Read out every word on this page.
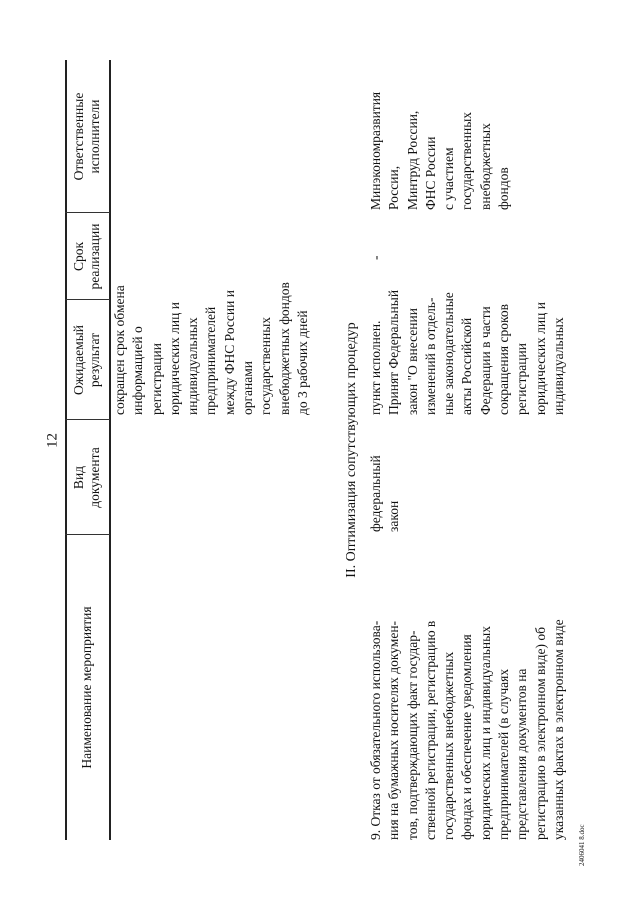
12
2406041 8.doc
Наименование мероприятия
Вид
документа
Ожидаемый
результат
Срок
реализации
Ответственные
исполнители
сокращен срок обмена
информацией о
регистрации
юридических лиц и
индивидуальных
предпринимателей
между ФНС России и
органами
государственных
внебюджетных фондов
до 3 рабочих дней II. Оптимизация сопутствующих процедур
9. Отказ от обязательного использова-
ния на бумажных носителях докумен-
тов, подтверждающих факт государ-
ственной регистрации, регистрацию в
государственных внебюджетных
фондах и обеспечение уведомления
юридических лиц и индивидуальных
предпринимателей (в случаях
представления документов на
регистрацию в электронном виде) об
указанных фактах в электронном виде
федеральный
закон
пункт исполнен.
Принят Федеральный
закон "О внесении
изменений в отдель-
ные законодательные
акты Российской
Федерации в части
сокращения сроков
регистрации
юридических лиц и
индивидуальных
-
Минэкономразвития
России,
Минтруд России,
ФНС России
с участием
государственных
внебюджетных
фондов
